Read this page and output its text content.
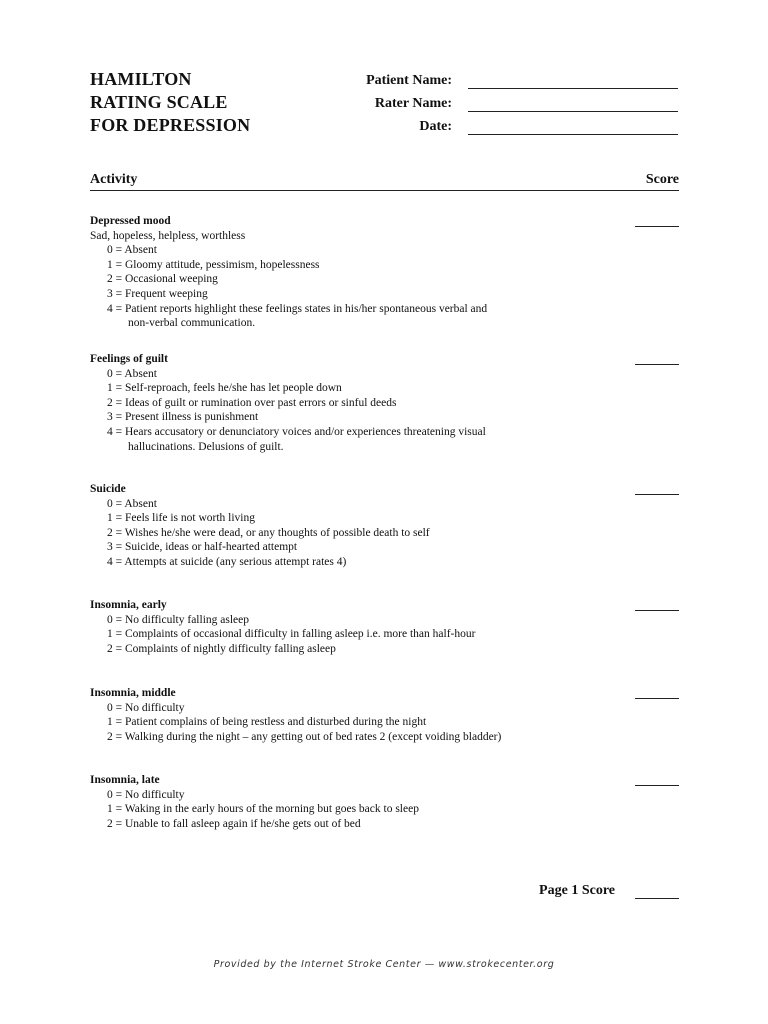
HAMILTON
RATING SCALE
FOR DEPRESSION
Patient Name:
Rater Name:
Date:
Activity	Score
Depressed mood
Sad, hopeless, helpless, worthless
0 = Absent
1 = Gloomy attitude, pessimism, hopelessness
2 = Occasional weeping
3 = Frequent weeping
4 = Patient reports highlight these feelings states in his/her spontaneous verbal and
non-verbal communication.
Feelings of guilt
0 = Absent
1 = Self-reproach, feels he/she has let people down
2 = Ideas of guilt or rumination over past errors or sinful deeds
3 = Present illness is punishment
4 = Hears accusatory or denunciatory voices and/or experiences threatening visual
hallucinations. Delusions of guilt.
Suicide
0 = Absent
1 = Feels life is not worth living
2 = Wishes he/she were dead, or any thoughts of possible death to self
3 = Suicide, ideas or half-hearted attempt
4 = Attempts at suicide (any serious attempt rates 4)
Insomnia, early
0 = No difficulty falling asleep
1 = Complaints of occasional difficulty in falling asleep i.e. more than half-hour
2 = Complaints of nightly difficulty falling asleep
Insomnia, middle
0 = No difficulty
1 = Patient complains of being restless and disturbed during the night
2 = Walking during the night – any getting out of bed rates 2 (except voiding bladder)
Insomnia, late
0 = No difficulty
1 = Waking in the early hours of the morning but goes back to sleep
2 = Unable to fall asleep again if he/she gets out of bed
Page 1 Score
Provided by the Internet Stroke Center — www.strokecenter.org
